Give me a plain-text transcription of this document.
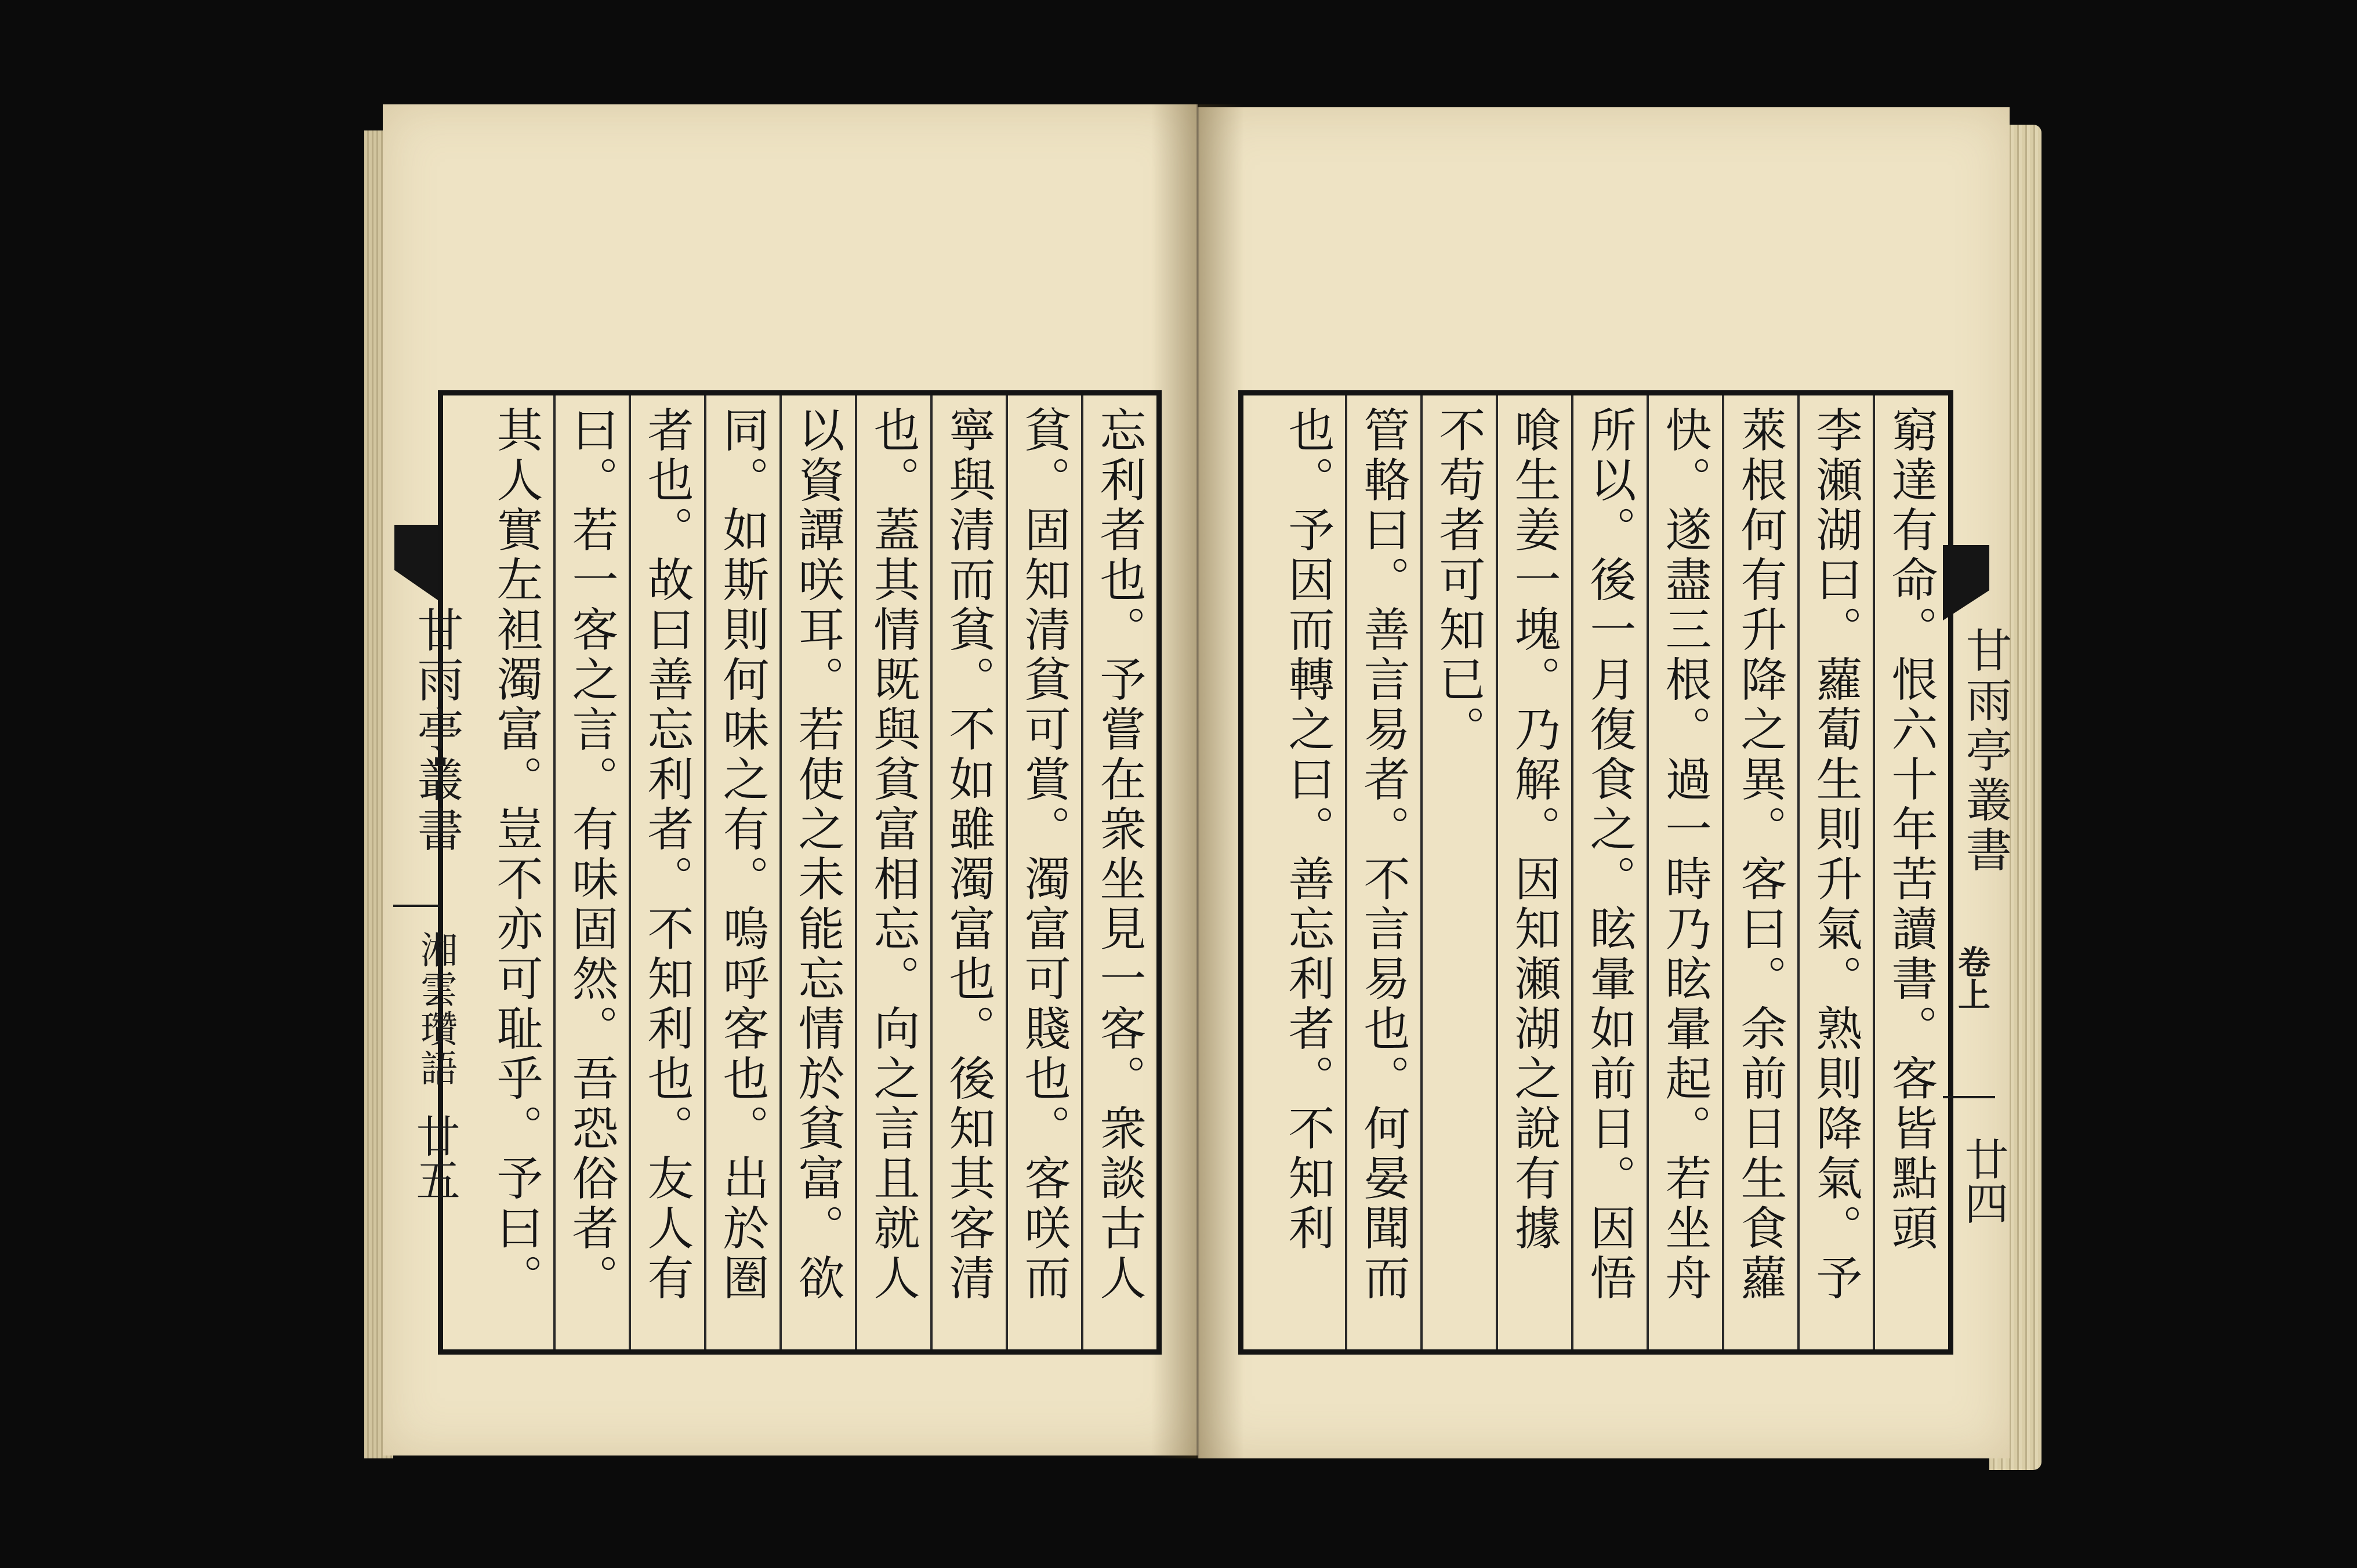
忘利者也。予嘗在衆坐見一客。衆談古人
貧。固知清貧可賞。濁富可賤也。客咲而
寧與清而貧。不如雖濁富也。後知其客清
也。蓋其情既與貧富相忘。向之言且就人
以資譚咲耳。若使之未能忘情於貧富。欲
同。如斯則何味之有。嗚呼客也。出於圏
者也。故曰善忘利者。不知利也。友人有
曰。若一客之言。有味固然。吾恐俗者。
其人實左袒濁富。豈不亦可耻乎。予曰。
窮達有命。恨六十年苦讀書。客皆點頭
李瀬湖曰。蘿蔔生則升氣。熟則降氣。予
萊根何有升降之異。客曰。余前日生食蘿
快。遂盡三根。過一時乃眩暈起。若坐舟
所以。後一月復食之。眩暈如前日。因悟
喰生姜一塊。乃解。因知瀬湖之說有據
不苟者可知已。
管輅曰。善言易者。不言易也。何晏聞而
也。予因而轉之曰。善忘利者。不知利
甘雨亭叢書
湘雲瓚語
廿五
甘雨亭叢書
卷上
廿四
